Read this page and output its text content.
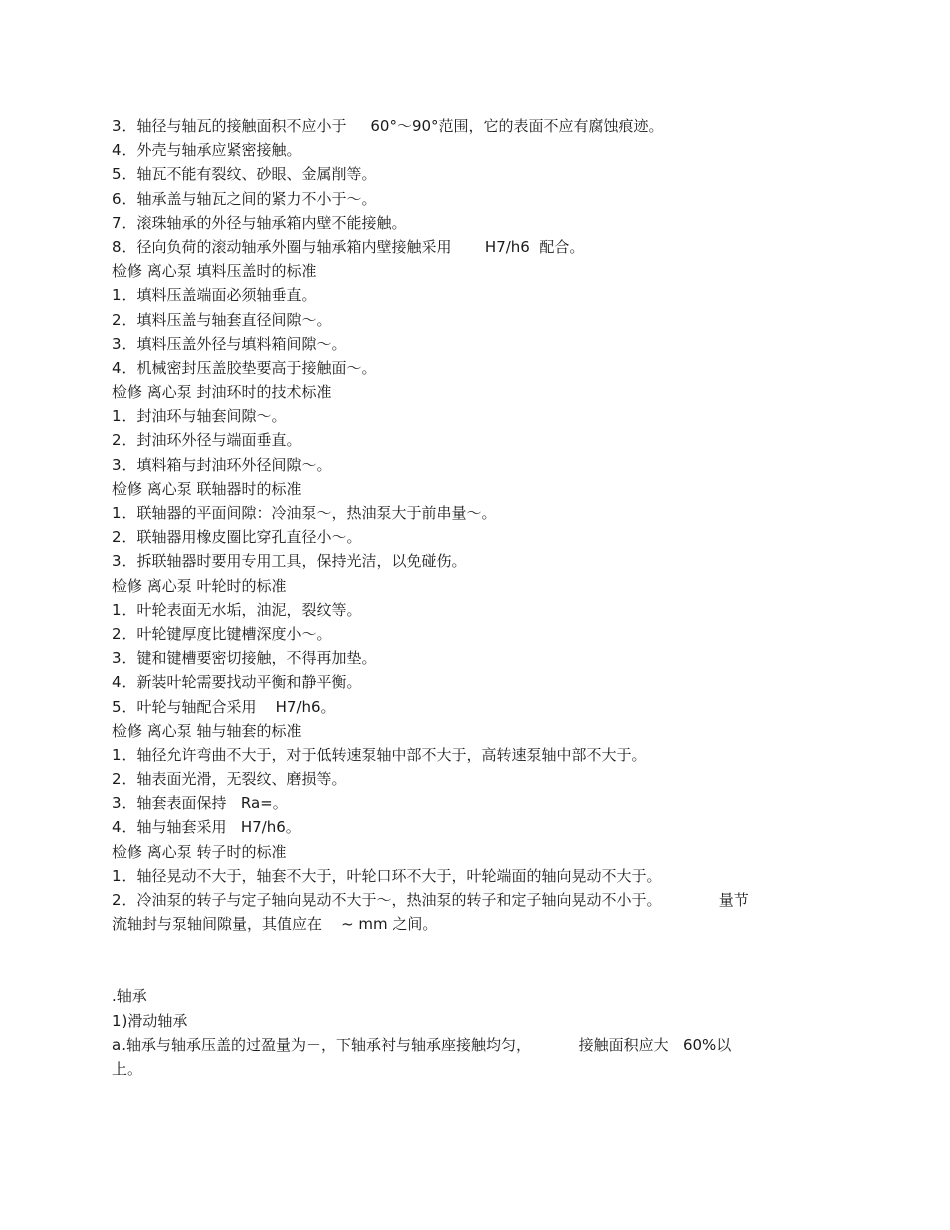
3．轴径与轴瓦的接触面积不应小于     60°～90°范围，它的表面不应有腐蚀痕迹。
4．外壳与轴承应紧密接触。
5．轴瓦不能有裂纹、砂眼、金属削等。
6．轴承盖与轴瓦之间的紧力不小于～。
7．滚珠轴承的外径与轴承箱内壁不能接触。
8．径向负荷的滚动轴承外圈与轴承箱内壁接触采用       H7/h6  配合。
检修 离心泵 填料压盖时的标准
1．填料压盖端面必须轴垂直。
2．填料压盖与轴套直径间隙～。
3．填料压盖外径与填料箱间隙～。
4．机械密封压盖胶垫要高于接触面～。
检修 离心泵 封油环时的技术标准
1．封油环与轴套间隙～。
2．封油环外径与端面垂直。
3．填料箱与封油环外径间隙～。
检修 离心泵 联轴器时的标准
1．联轴器的平面间隙：冷油泵～，热油泵大于前串量～。
2．联轴器用橡皮圈比穿孔直径小～。
3．拆联轴器时要用专用工具，保持光洁，以免碰伤。
检修 离心泵 叶轮时的标准
1．叶轮表面无水垢，油泥，裂纹等。
2．叶轮键厚度比键槽深度小～。
3．键和键槽要密切接触，不得再加垫。
4．新装叶轮需要找动平衡和静平衡。
5．叶轮与轴配合采用    H7/h6。
检修 离心泵 轴与轴套的标准
1．轴径允许弯曲不大于，对于低转速泵轴中部不大于，高转速泵轴中部不大于。
2．轴表面光滑，无裂纹、磨损等。
3．轴套表面保持   Ra=。
4．轴与轴套采用   H7/h6。
检修 离心泵 转子时的标准
1．轴径晃动不大于，轴套不大于，叶轮口环不大于，叶轮端面的轴向晃动不大于。
2．冷油泵的转子与定子轴向晃动不大于～，热油泵的转子和定子轴向晃动不小于。            量节
流轴封与泵轴间隙量，其值应在    ~ mm 之间。
.轴承
1)滑动轴承
a.轴承与轴承压盖的过盈量为－，下轴承衬与轴承座接触均匀，          接触面积应大   60%以
上。
